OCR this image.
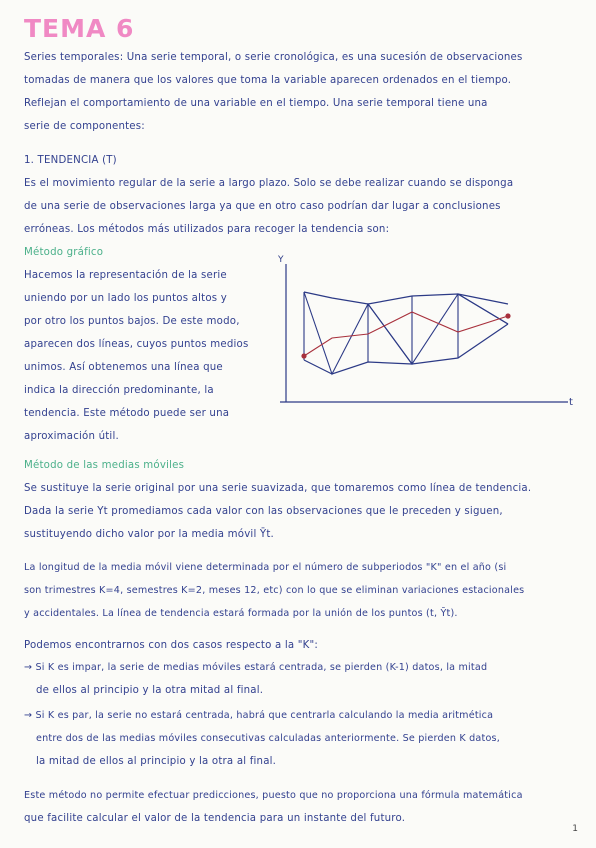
TEMA 6
Series temporales: Una serie temporal, o serie cronológica, es una sucesión de observaciones
tomadas de manera que los valores que toma la variable aparecen ordenados en el tiempo.
Reflejan el comportamiento de una variable en el tiempo. Una serie temporal tiene una
serie de componentes:
1. TENDENCIA (T)
Es el movimiento regular de la serie a largo plazo. Solo se debe realizar cuando se disponga
de una serie de observaciones larga ya que en otro caso podrían dar lugar a conclusiones
erróneas. Los métodos más utilizados para recoger la tendencia son:
Método gráfico
Hacemos la representación de la serie
uniendo por un lado los puntos altos y
por otro los puntos bajos. De este modo,
aparecen dos líneas, cuyos puntos medios
unimos. Así obtenemos una línea que
indica la dirección predominante, la
tendencia. Este método puede ser una
aproximación útil.
Método de las medias móviles
Se sustituye la serie original por una serie suavizada, que tomaremos como línea de tendencia.
Dada la serie Yt promediamos cada valor con las observaciones que le preceden y siguen,
sustituyendo dicho valor por la media móvil Ȳt.
La longitud de la media móvil viene determinada por el número de subperiodos "K" en el año (si
son trimestres K=4, semestres K=2, meses 12, etc) con lo que se eliminan variaciones estacionales
y accidentales. La línea de tendencia estará formada por la unión de los puntos (t, Ȳt).
Podemos encontrarnos con dos casos respecto a la "K":
→ Si K es impar, la serie de medias móviles estará centrada, se pierden (K-1) datos, la mitad
de ellos al principio y la otra mitad al final.
→ Si K es par, la serie no estará centrada, habrá que centrarla calculando la media aritmética
entre dos de las medias móviles consecutivas calculadas anteriormente. Se pierden K datos,
la mitad de ellos al principio y la otra al final.
Este método no permite efectuar predicciones, puesto que no proporciona una fórmula matemática
que facilite calcular el valor de la tendencia para un instante del futuro.
Y
t
1
